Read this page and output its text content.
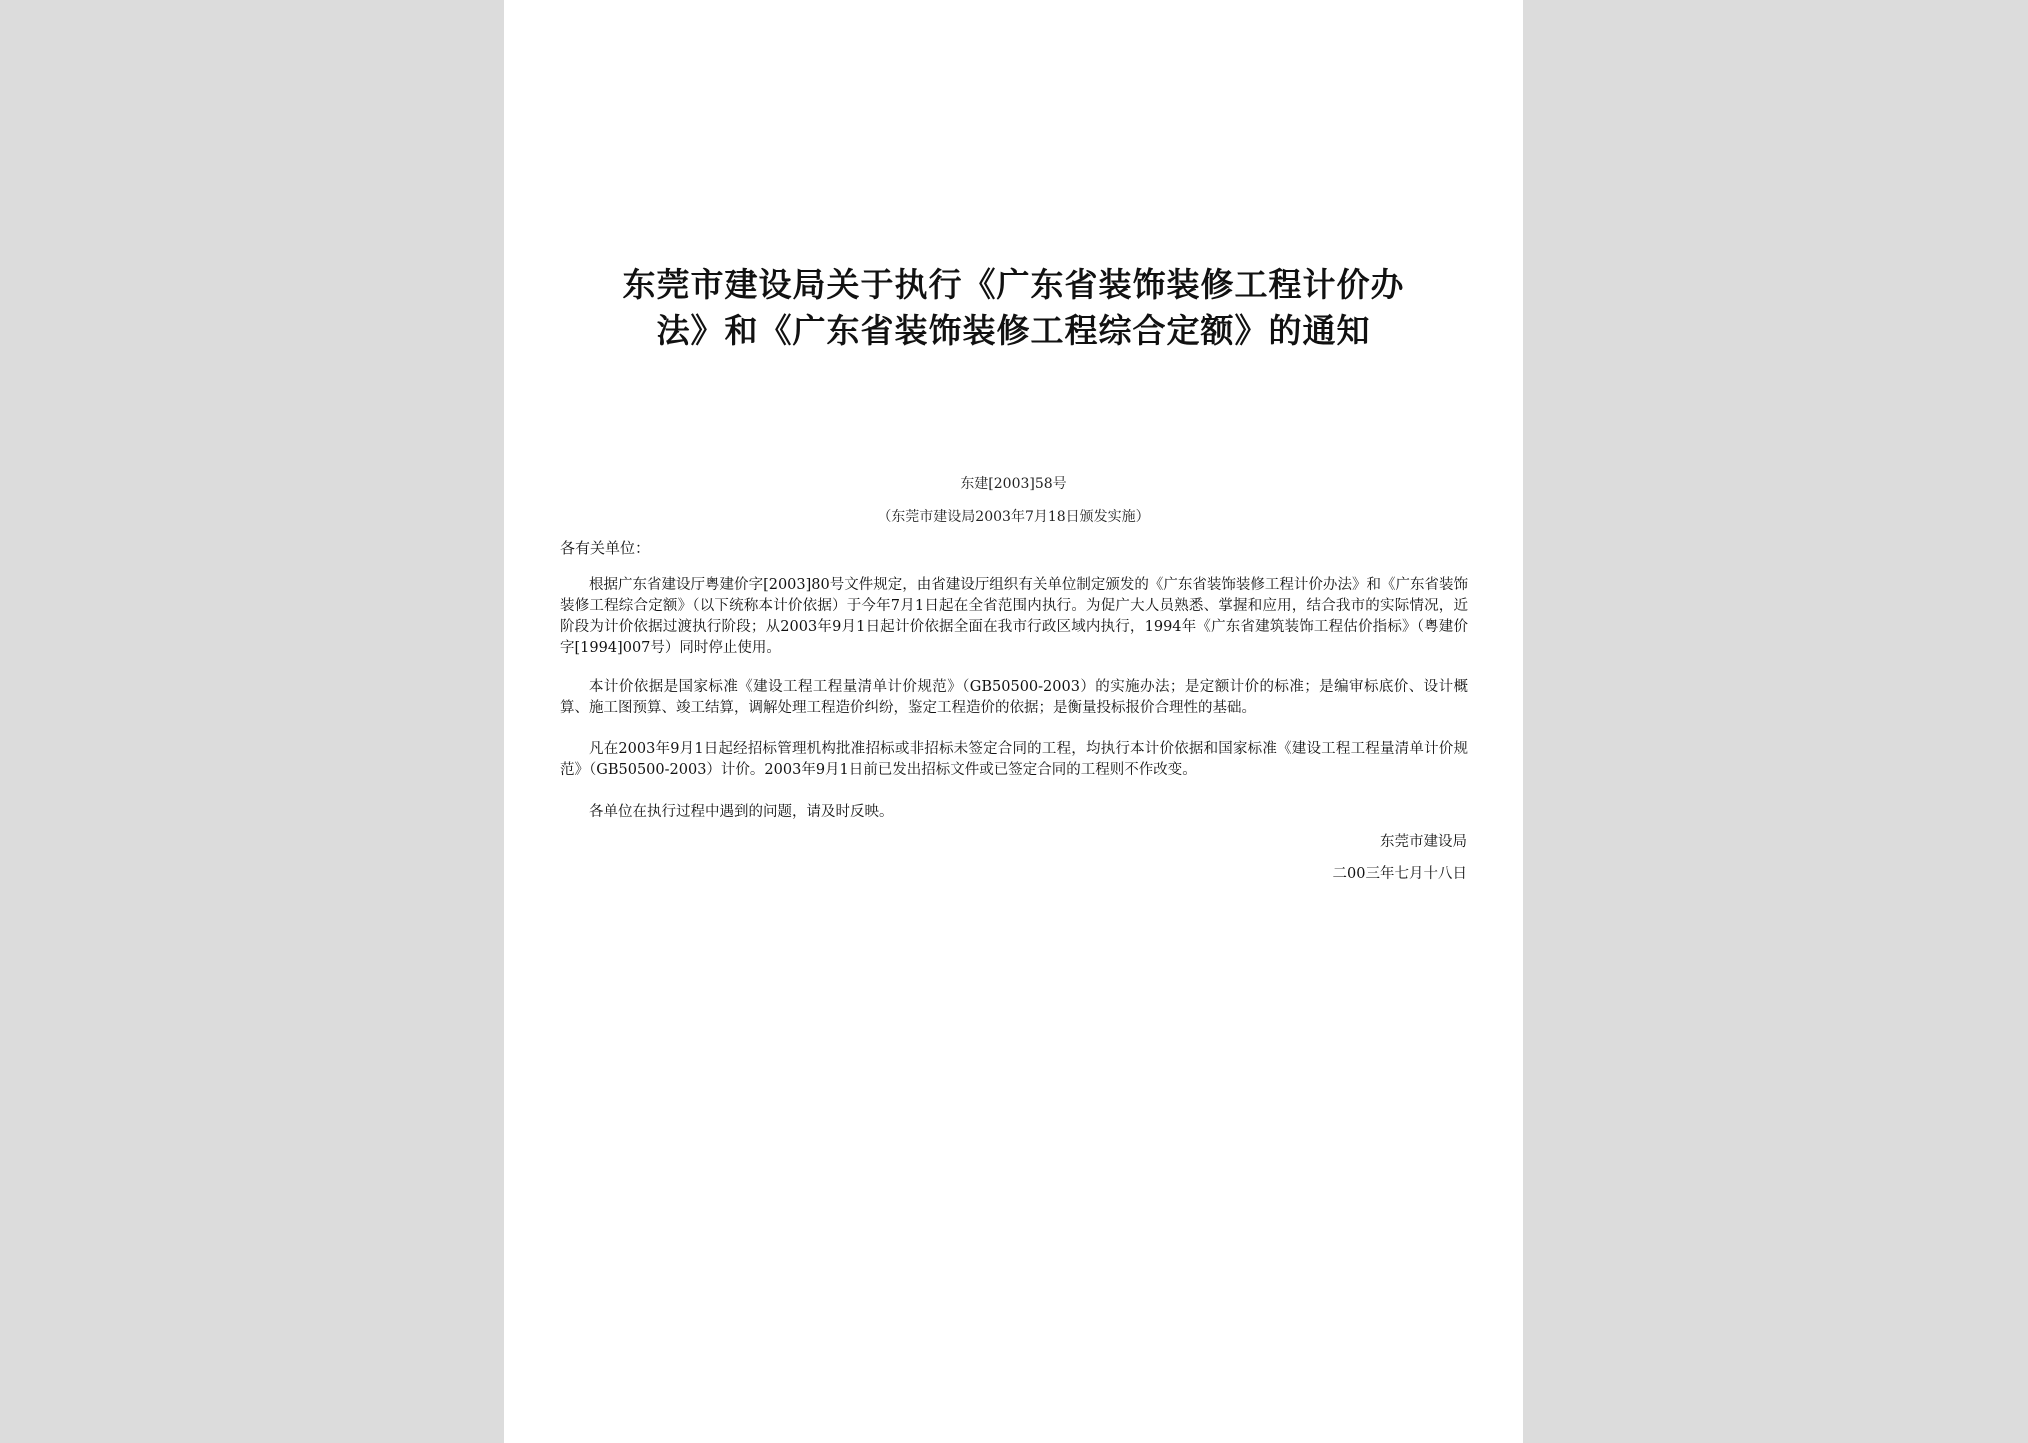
东莞市建设局关于执行《广东省装饰装修工程计价办
法》和《广东省装饰装修工程综合定额》的通知
东建[2003]58号
（东莞市建设局2003年7月18日颁发实施）
各有关单位：

根据广东省建设厅粤建价字[2003]80号文件规定，由省建设厅组织有关单位制定颁发的《广东省装饰装修工程计价办法》和《广东省装饰装修工程综合定额》（以下统称本计价依据）于今年7月1日起在全省范围内执行。为促广大人员熟悉、掌握和应用，结合我市的实际情况，近阶段为计价依据过渡执行阶段；从2003年9月1日起计价依据全面在我市行政区域内执行，1994年《广东省建筑装饰工程估价指标》（粤建价字[1994]007号）同时停止使用。

本计价依据是国家标准《建设工程工程量清单计价规范》（GB50500-2003）的实施办法；是定额计价的标准；是编审标底价、设计概算、施工图预算、竣工结算，调解处理工程造价纠纷，鉴定工程造价的依据；是衡量投标报价合理性的基础。

凡在2003年9月1日起经招标管理机构批准招标或非招标未签定合同的工程，均执行本计价依据和国家标准《建设工程工程量清单计价规范》（GB50500-2003）计价。2003年9月1日前已发出招标文件或已签定合同的工程则不作改变。

各单位在执行过程中遇到的问题，请及时反映。

东莞市建设局
二00三年七月十八日
